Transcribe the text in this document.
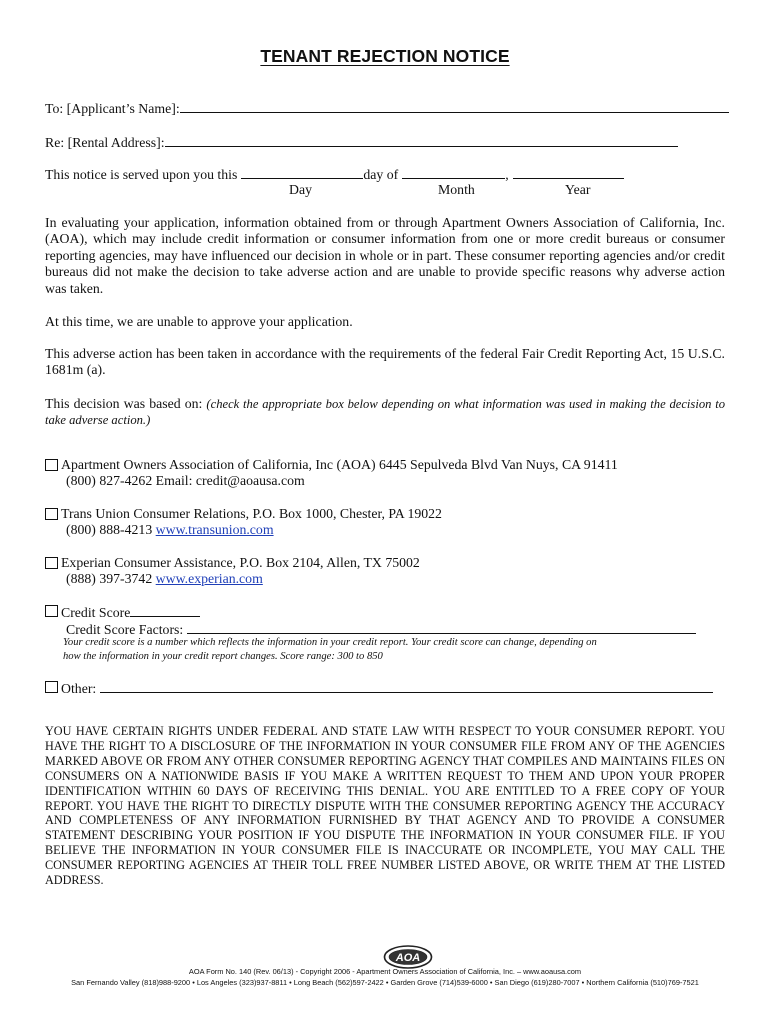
TENANT REJECTION NOTICE
To: [Applicant’s Name]:
Re: [Rental Address]:
This notice is served upon you this	day of	,
Day	Month	Year
In evaluating your application, information obtained from or through Apartment Owners Association of California, Inc. (AOA), which may include credit information or consumer information from one or more credit bureaus or consumer reporting agencies, may have influenced our decision in whole or in part. These consumer reporting agencies and/or credit bureaus did not make the decision to take adverse action and are unable to provide specific reasons why adverse action was taken.
At this time, we are unable to approve your application.
This adverse action has been taken in accordance with the requirements of the federal Fair Credit Reporting Act, 15 U.S.C. 1681m (a).
This decision was based on: (check the appropriate box below depending on what information was used in making the decision to take adverse action.)
Apartment Owners Association of California, Inc (AOA) 6445 Sepulveda Blvd Van Nuys, CA 91411
(800) 827-4262 Email: credit@aoausa.com
Trans Union Consumer Relations, P.O. Box 1000, Chester, PA 19022
(800) 888-4213 www.transunion.com
Experian Consumer Assistance, P.O. Box 2104, Allen, TX 75002
(888) 397-3742 www.experian.com
Credit Score
Credit Score Factors:
Your credit score is a number which reflects the information in your credit report. Your credit score can change, depending on
how the information in your credit report changes. Score range: 300 to 850
Other:
YOU HAVE CERTAIN RIGHTS UNDER FEDERAL AND STATE LAW WITH RESPECT TO YOUR CONSUMER REPORT. YOU HAVE THE RIGHT TO A DISCLOSURE OF THE INFORMATION IN YOUR CONSUMER FILE FROM ANY OF THE AGENCIES MARKED ABOVE OR FROM ANY OTHER CONSUMER REPORTING AGENCY THAT COMPILES AND MAINTAINS FILES ON CONSUMERS ON A NATIONWIDE BASIS IF YOU MAKE A WRITTEN REQUEST TO THEM AND UPON YOUR PROPER IDENTIFICATION WITHIN 60 DAYS OF RECEIVING THIS DENIAL. YOU ARE ENTITLED TO A FREE COPY OF YOUR REPORT. YOU HAVE THE RIGHT TO DIRECTLY DISPUTE WITH THE CONSUMER REPORTING AGENCY THE ACCURACY AND COMPLETENESS OF ANY INFORMATION FURNISHED BY THAT AGENCY AND TO PROVIDE A CONSUMER STATEMENT DESCRIBING YOUR POSITION IF YOU DISPUTE THE INFORMATION IN YOUR CONSUMER FILE. IF YOU BELIEVE THE INFORMATION IN YOUR CONSUMER FILE IS INACCURATE OR INCOMPLETE, YOU MAY CALL THE CONSUMER REPORTING AGENCIES AT THEIR TOLL FREE NUMBER LISTED ABOVE, OR WRITE THEM AT THE LISTED ADDRESS.
AOA
AOA Form No. 140 (Rev. 06/13) - Copyright 2006 - Apartment Owners Association of California, Inc. – www.aoausa.com
San Fernando Valley (818)988-9200 • Los Angeles (323)937-8811 • Long Beach (562)597-2422 • Garden Grove (714)539-6000 • San Diego (619)280-7007 • Northern California (510)769-7521
